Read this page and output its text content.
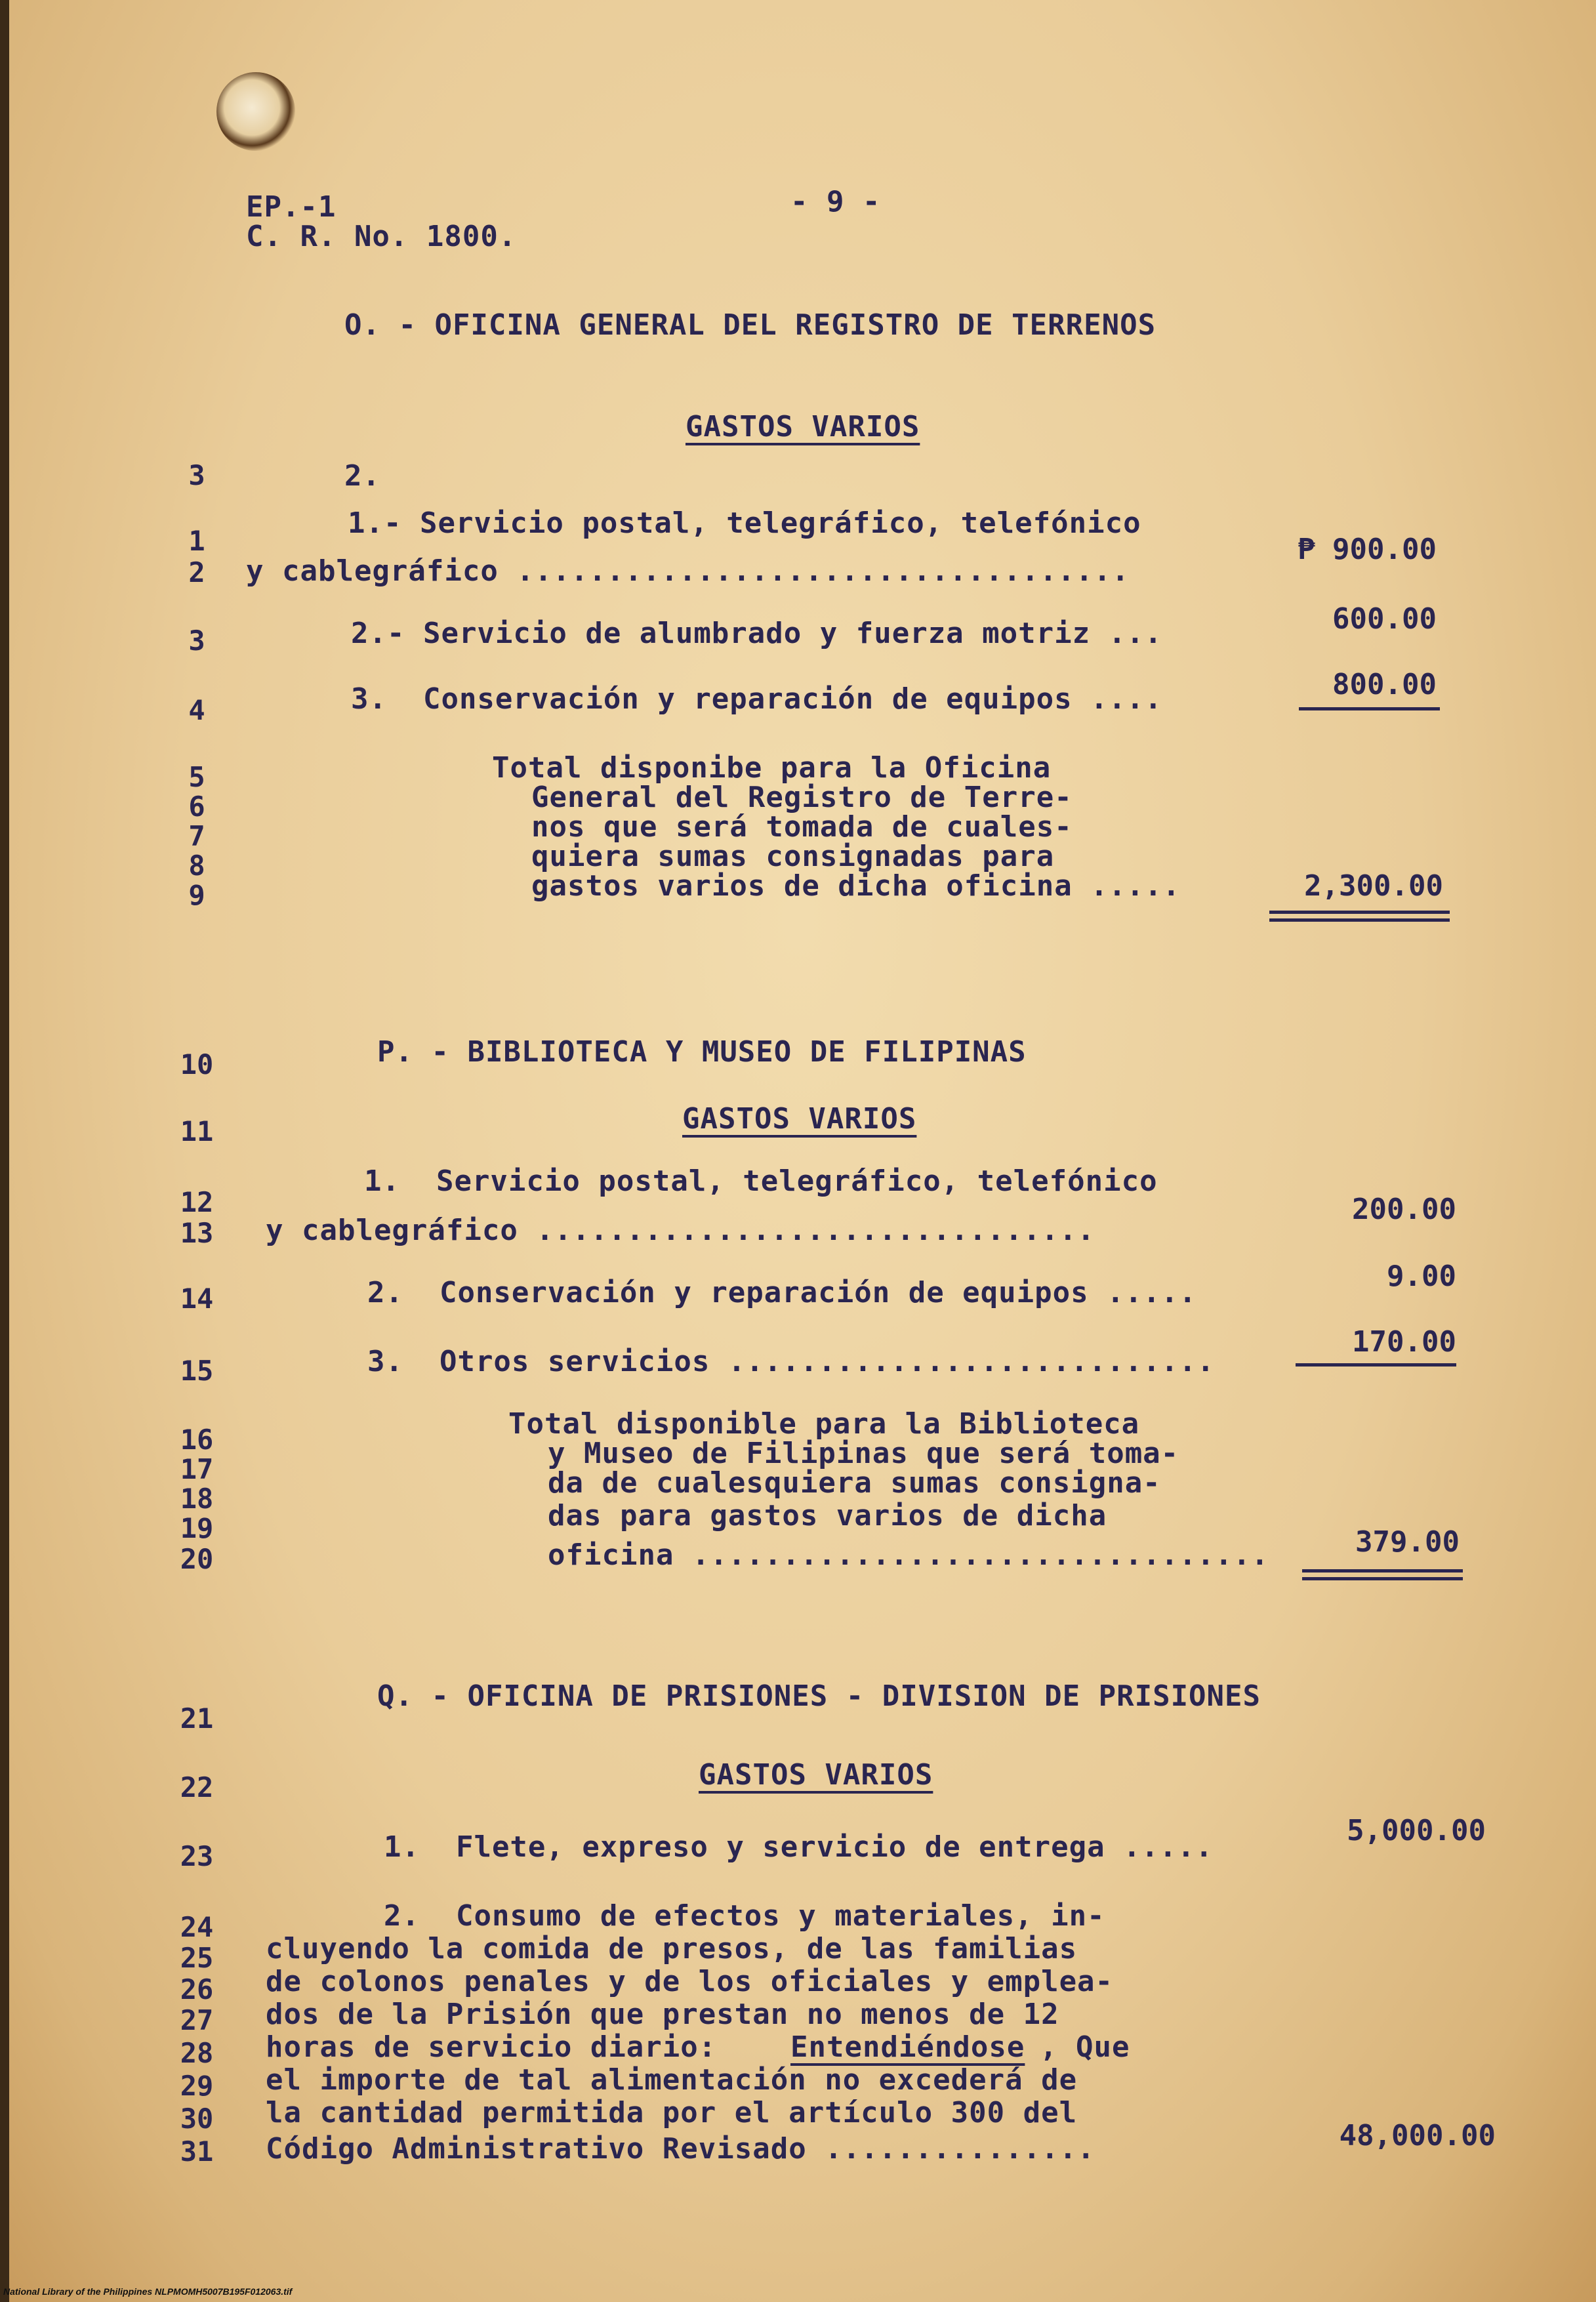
EP.-1
C. R. No. 1800.
- 9 -
O. - OFICINA GENERAL DEL REGISTRO DE TERRENOS
GASTOS VARIOS
3	2.
1.- Servicio postal, telegráfico, telefónico
y cablegráfico ..................................
₱ 900.00
2.- Servicio de alumbrado y fuerza motriz ...	600.00
3.  Conservación y reparación de equipos ....	800.00
Total disponibe para la Oficina
General del Registro de Terre-
nos que será tomada de cuales-
quiera sumas consignadas para
gastos varios de dicha oficina .....	2,300.00
P. - BIBLIOTECA Y MUSEO DE FILIPINAS
GASTOS VARIOS
1.  Servicio postal, telegráfico, telefónico
y cablegráfico ...............................
200.00
2.  Conservación y reparación de equipos .....	9.00
3.  Otros servicios ...........................
170.00
Total disponible para la Biblioteca
y Museo de Filipinas que será toma-
da de cualesquiera sumas consigna-
das para gastos varios de dicha
oficina ................................	379.00
Q. - OFICINA DE PRISIONES - DIVISION DE PRISIONES
GASTOS VARIOS
1.  Flete, expreso y servicio de entrega .....	5,000.00
2.  Consumo de efectos y materiales, in-
cluyendo la comida de presos, de las familias
de colonos penales y de los oficiales y emplea-
dos de la Prisión que prestan no menos de 12
horas de servicio diario:	Entendiéndose , Que
el importe de tal alimentación no excederá de
la cantidad permitida por el artículo 300 del
Código Administrativo Revisado ...............	48,000.00
1
2
3
4
5
6
7
8
9
10
11
12
13
14
15
16
17
18
19
20
21
22
23
24
25
26
27
28
29
30
31
National Library of the Philippines NLPMOMH5007B195F012063.tif
